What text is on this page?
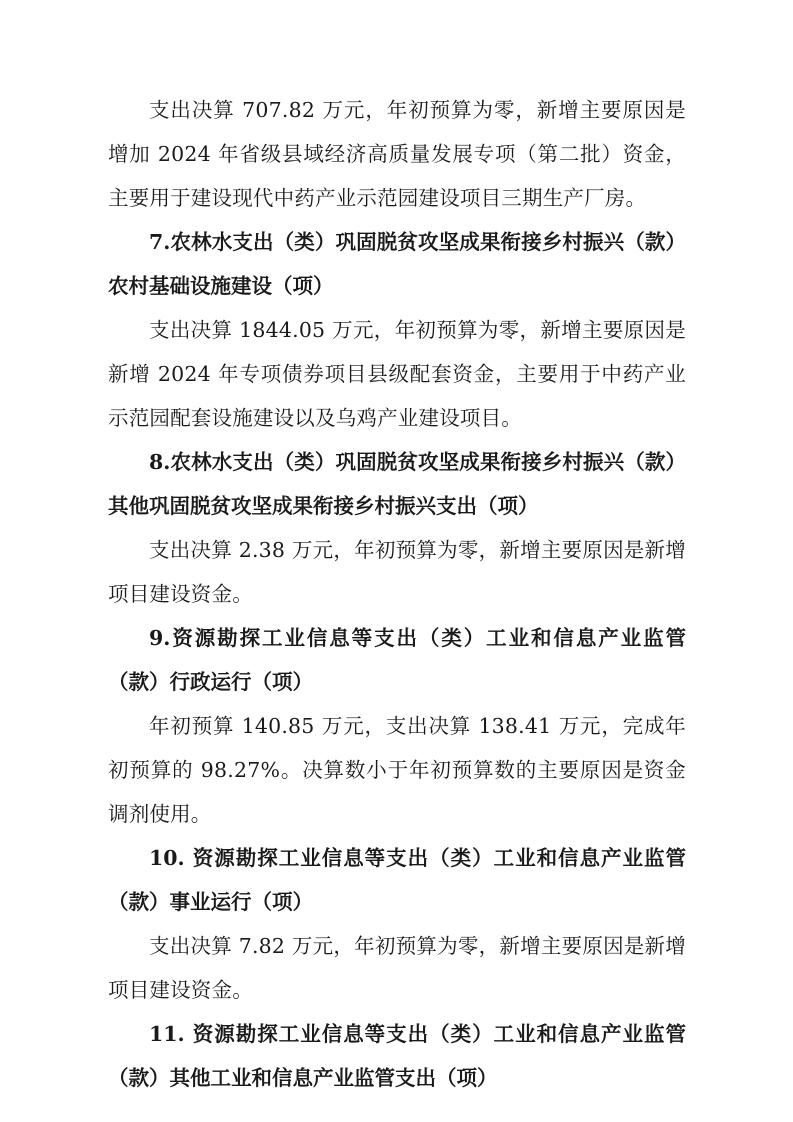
支出决算 707.82 万元，年初预算为零，新增主要原因是增加 2024 年省级县域经济高质量发展专项（第二批）资金，主要用于建设现代中药产业示范园建设项目三期生产厂房。

7.农林水支出（类）巩固脱贫攻坚成果衔接乡村振兴（款）农村基础设施建设（项）

支出决算 1844.05 万元，年初预算为零，新增主要原因是新增 2024 年专项债券项目县级配套资金，主要用于中药产业示范园配套设施建设以及乌鸡产业建设项目。

8.农林水支出（类）巩固脱贫攻坚成果衔接乡村振兴（款）其他巩固脱贫攻坚成果衔接乡村振兴支出（项）

支出决算 2.38 万元，年初预算为零，新增主要原因是新增项目建设资金。

9.资源勘探工业信息等支出（类）工业和信息产业监管（款）行政运行（项）

年初预算 140.85 万元，支出决算 138.41 万元，完成年初预算的 98.27%。决算数小于年初预算数的主要原因是资金调剂使用。

10. 资源勘探工业信息等支出（类）工业和信息产业监管（款）事业运行（项）

支出决算 7.82 万元，年初预算为零，新增主要原因是新增项目建设资金。

11. 资源勘探工业信息等支出（类）工业和信息产业监管（款）其他工业和信息产业监管支出（项）
